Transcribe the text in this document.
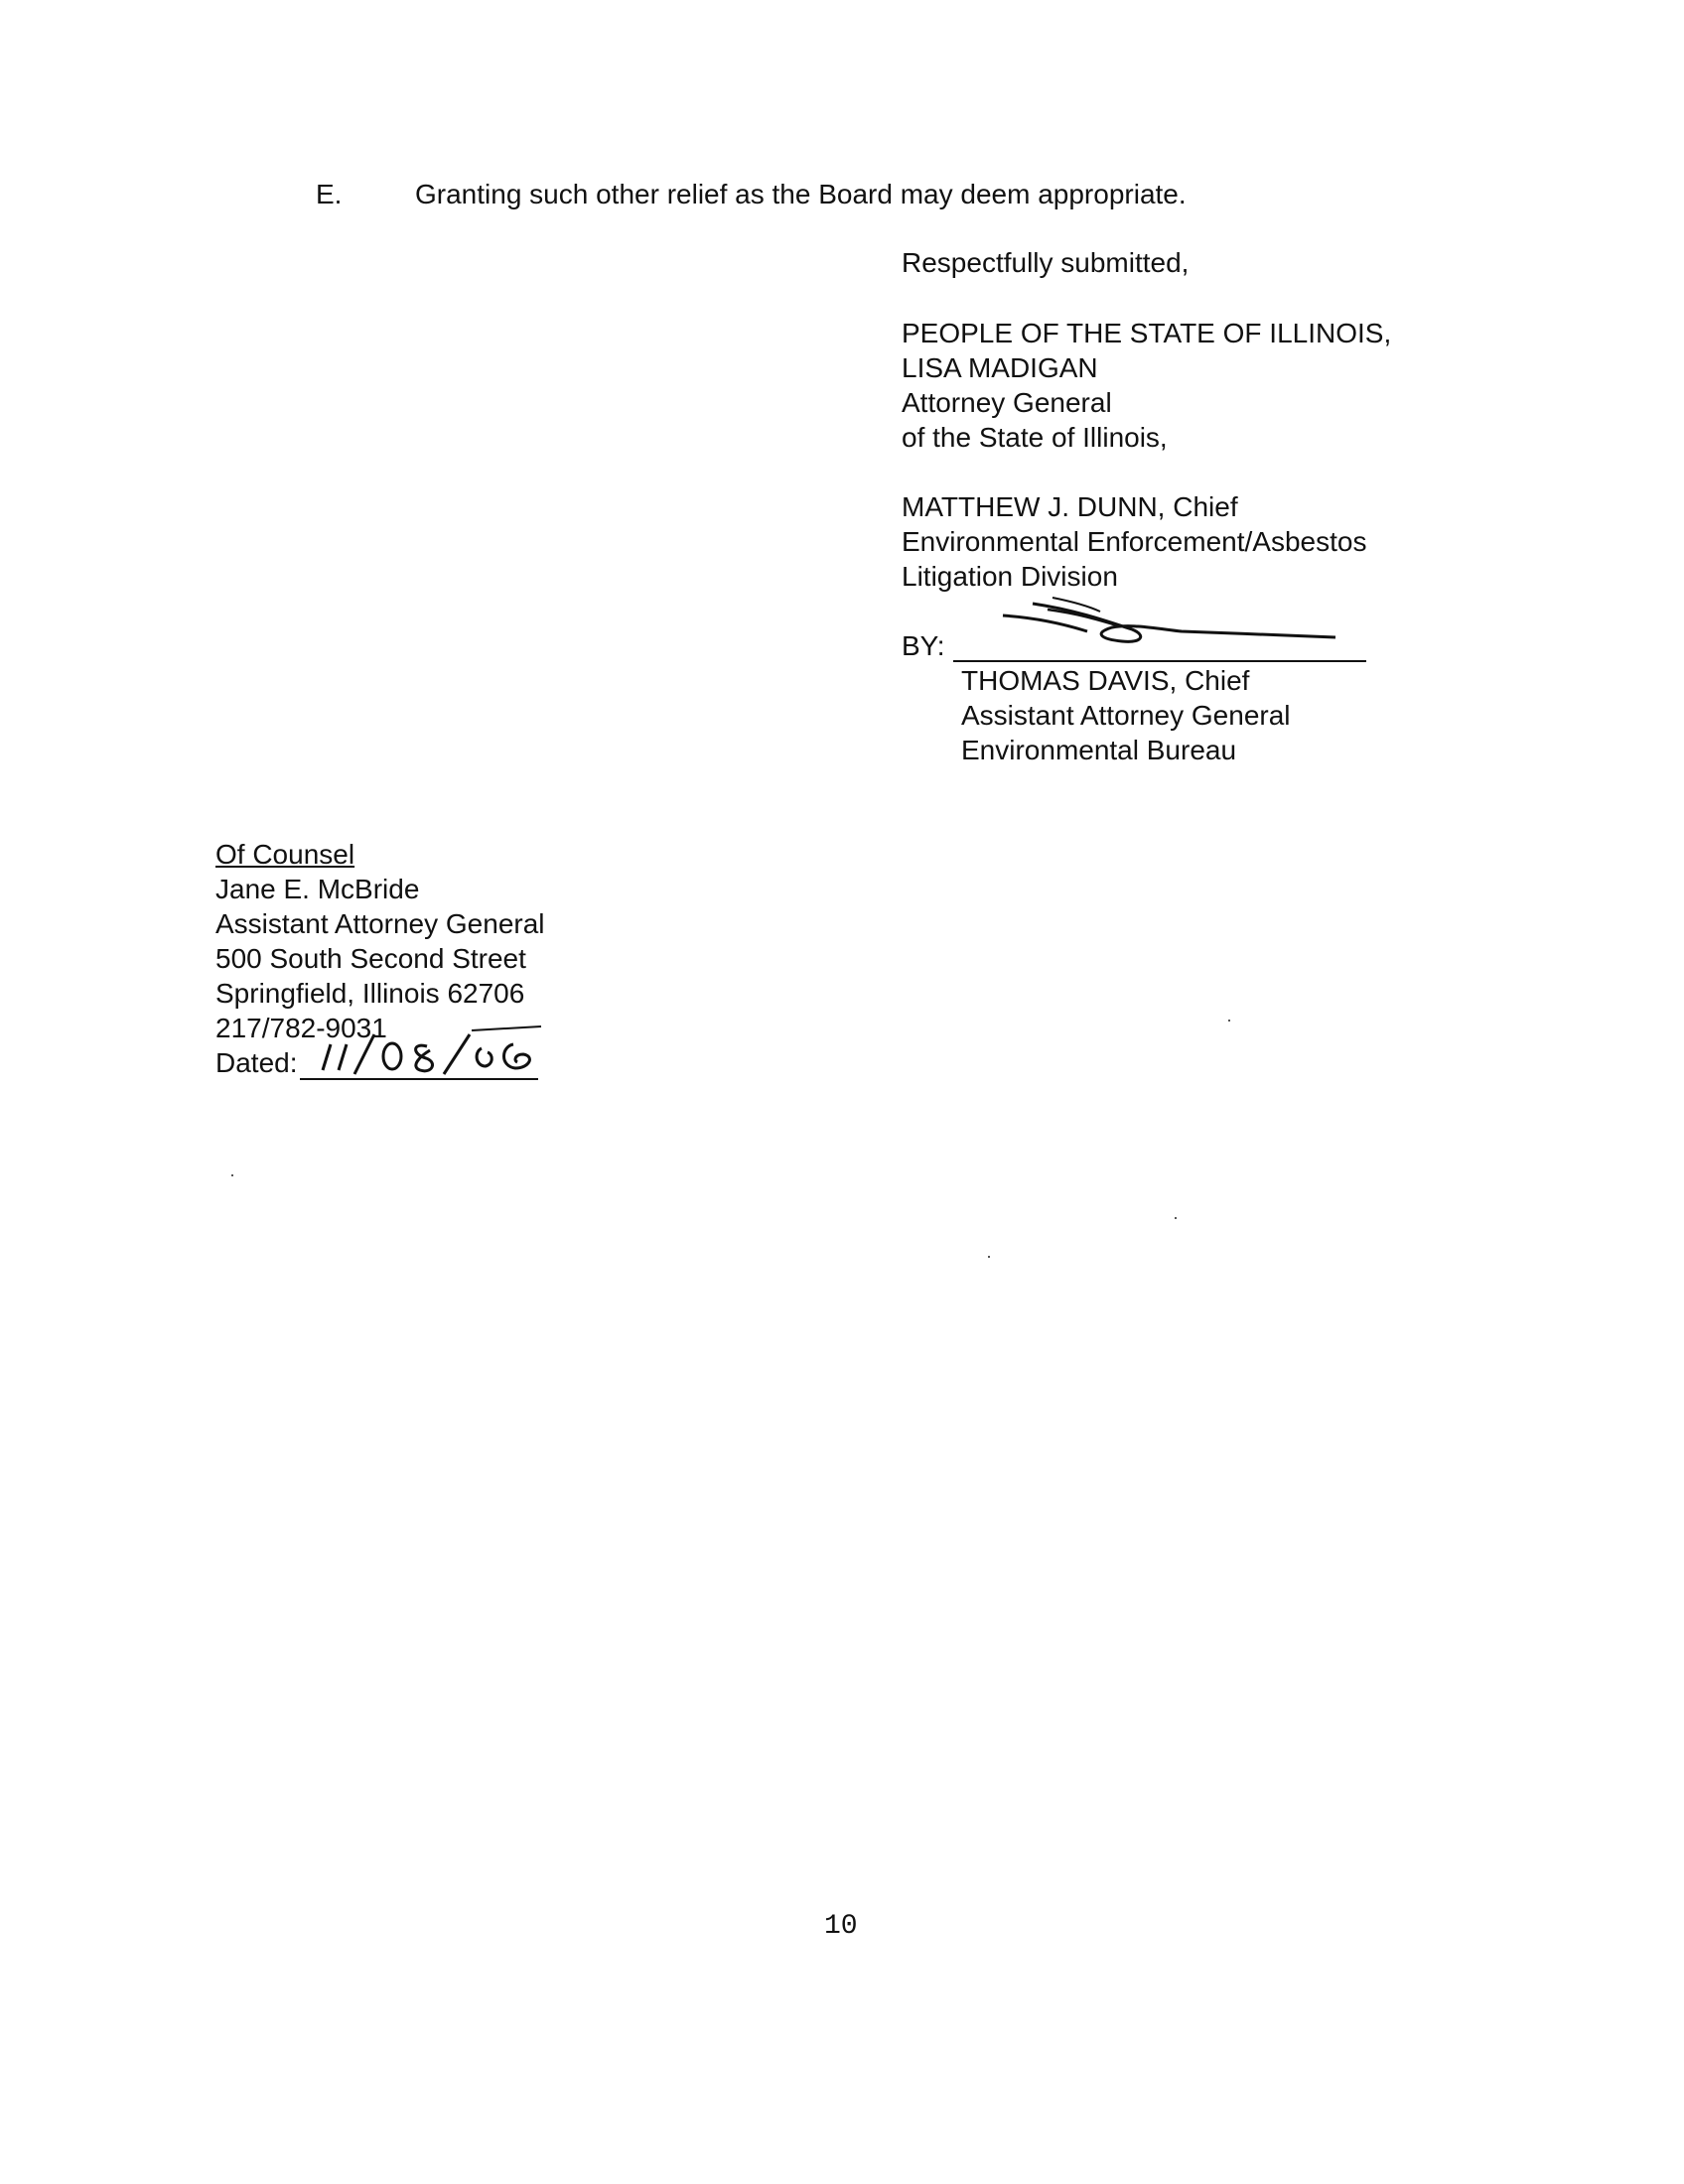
E.	Granting such other relief as the Board may deem appropriate.
Respectfully submitted,
PEOPLE OF THE STATE OF ILLINOIS,
LISA MADIGAN
Attorney General
of the State of Illinois,
MATTHEW J. DUNN, Chief
Environmental Enforcement/Asbestos
Litigation Division
BY:
THOMAS DAVIS, Chief
Assistant Attorney General
Environmental Bureau
Of Counsel
Jane E. McBride
Assistant Attorney General
500 South Second Street
Springfield, Illinois 62706
217/782-9031
Dated:
10
